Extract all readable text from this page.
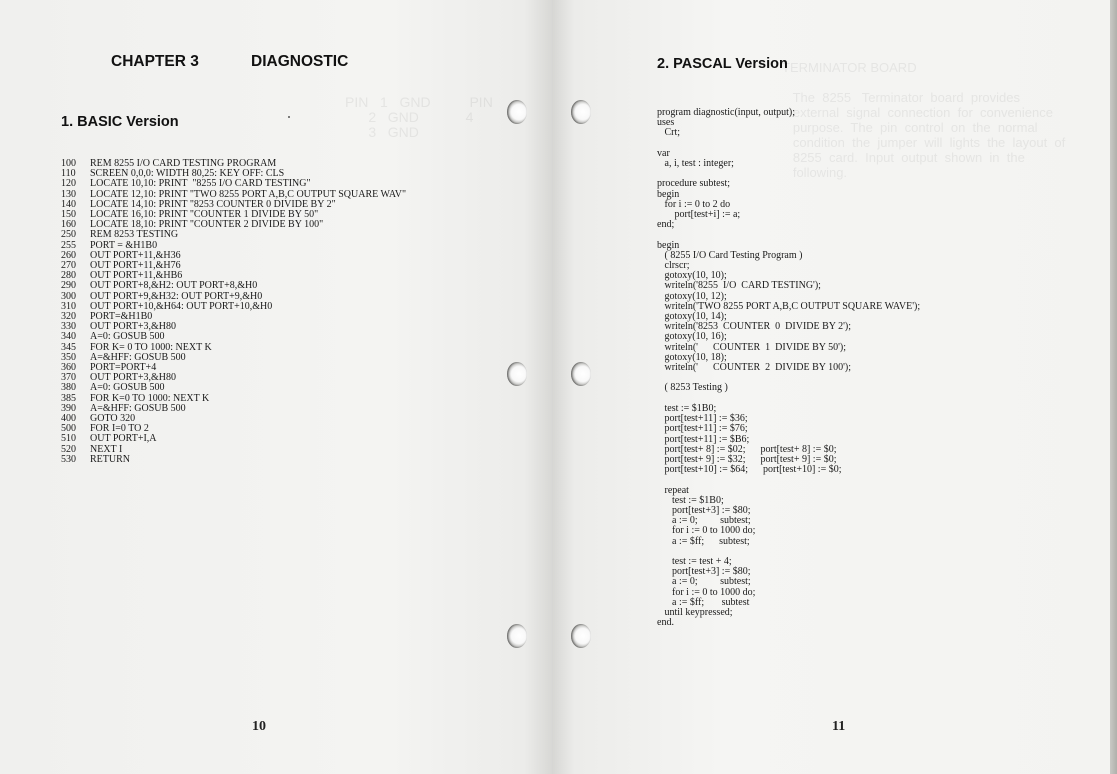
PIN   1   GND          PIN
2   GND            4
3   GND

CHAPTER 3	DIAGNOSTIC
1. BASIC Version
100 REM 8255 I/O CARD TESTING PROGRAM
110 SCREEN 0,0,0: WIDTH 80,25: KEY OFF: CLS
120 LOCATE 10,10: PRINT  "8255 I/O CARD TESTING"
130 LOCATE 12,10: PRINT "TWO 8255 PORT A,B,C OUTPUT SQUARE WAV"
140 LOCATE 14,10: PRINT "8253 COUNTER 0 DIVIDE BY 2"
150 LOCATE 16,10: PRINT "COUNTER 1 DIVIDE BY 50"
160 LOCATE 18,10: PRINT "COUNTER 2 DIVIDE BY 100"
250 REM 8253 TESTING
255 PORT = &H1B0
260 OUT PORT+11,&H36
270 OUT PORT+11,&H76
280 OUT PORT+11,&HB6
290 OUT PORT+8,&H2: OUT PORT+8,&H0
300 OUT PORT+9,&H32: OUT PORT+9,&H0
310 OUT PORT+10,&H64: OUT PORT+10,&H0
320 PORT=&H1B0
330 OUT PORT+3,&H80
340 A=0: GOSUB 500
345 FOR K= 0 TO 1000: NEXT K
350 A=&HFF: GOSUB 500
360 PORT=PORT+4
370 OUT PORT+3,&H80
380 A=0: GOSUB 500
385 FOR K=0 TO 1000: NEXT K
390 A=&HFF: GOSUB 500
400 GOTO 320
500 FOR I=0 TO 2
510 OUT PORT+I,A
520 NEXT I
530 RETURN
10
TERMINATOR BOARD

The  8255   Terminator  board  provides
external  signal  connection  for  convenience
purpose.  The  pin  control  on  the  normal
condition  the  jumper  will  lights  the  layout  of
8255  card.  Input  output  shown  in  the
following.
2. PASCAL Version
program diagnostic(input, output);
uses
Crt;

var
a, i, test : integer;

procedure subtest;
begin
for i := 0 to 2 do
port[test+i] := a;
end;

begin
( 8255 I/O Card Testing Program )
clrscr;
gotoxy(10, 10);
writeln('8255  I/O  CARD TESTING');
gotoxy(10, 12);
writeln('TWO 8255 PORT A,B,C OUTPUT SQUARE WAVE');
gotoxy(10, 14);
writeln('8253  COUNTER  0  DIVIDE BY 2');
gotoxy(10, 16);
writeln('      COUNTER  1  DIVIDE BY 50');
gotoxy(10, 18);
writeln('      COUNTER  2  DIVIDE BY 100');

( 8253 Testing )

test := $1B0;
port[test+11] := $36;
port[test+11] := $76;
port[test+11] := $B6;
port[test+ 8] := $02;      port[test+ 8] := $0;
port[test+ 9] := $32;      port[test+ 9] := $0;
port[test+10] := $64;      port[test+10] := $0;

repeat
test := $1B0;
port[test+3] := $80;
a := 0;         subtest;
for i := 0 to 1000 do;
a := $ff;      subtest;

test := test + 4;
port[test+3] := $80;
a := 0;         subtest;
for i := 0 to 1000 do;
a := $ff;       subtest
until keypressed;
end.
11
